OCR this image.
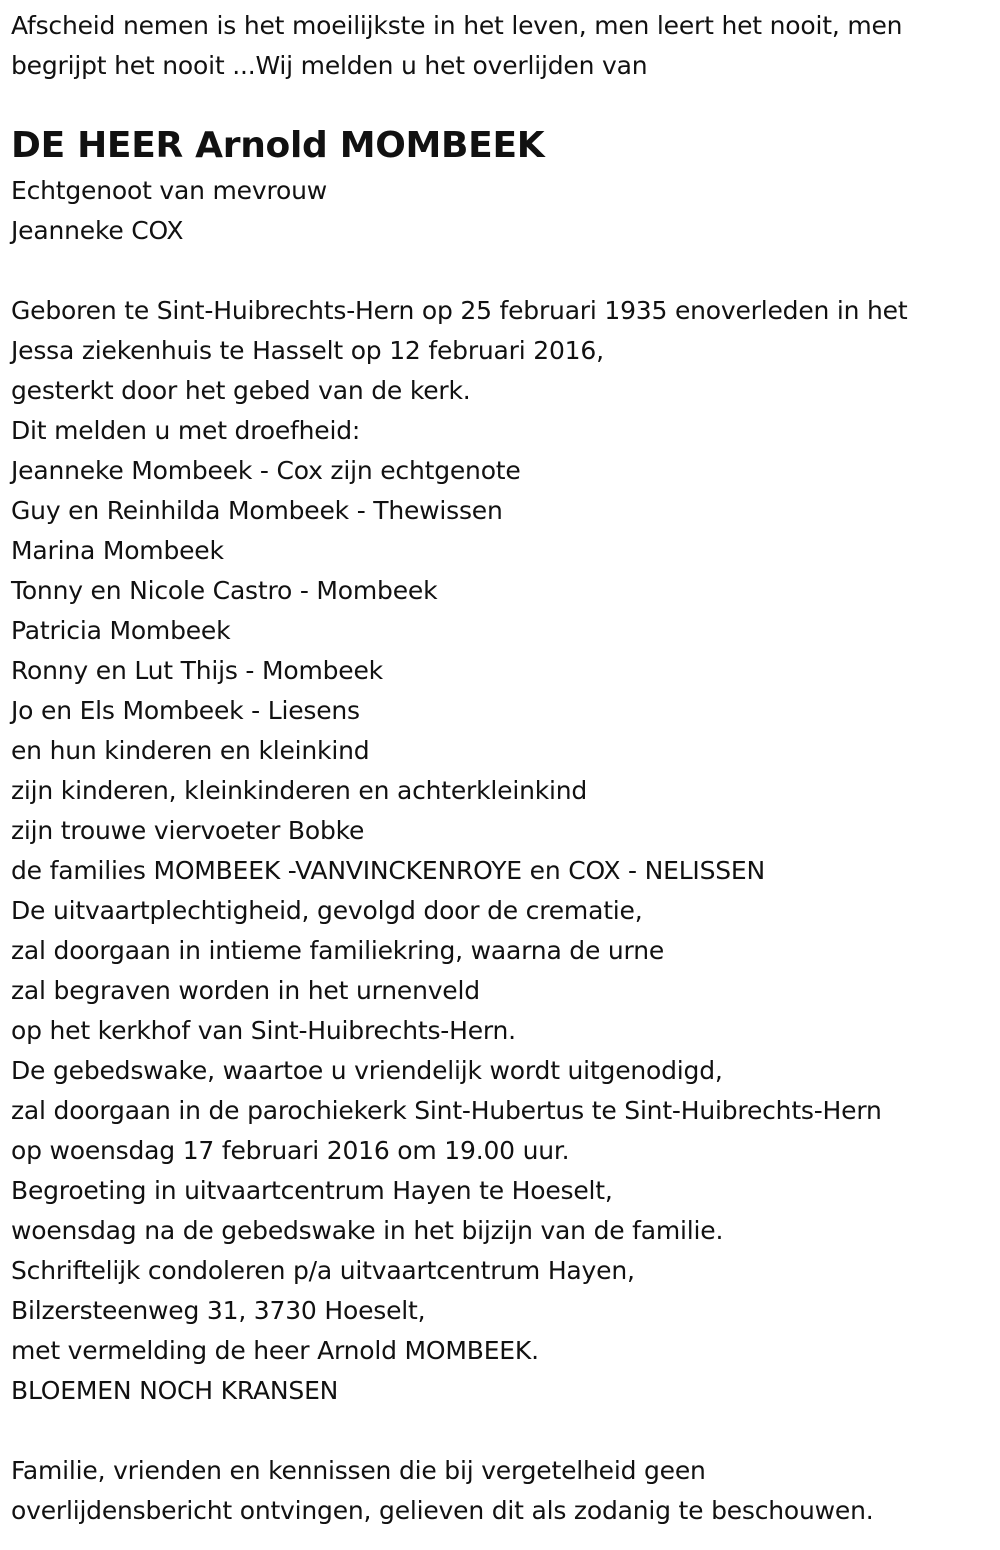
Afscheid nemen is het moeilijkste in het leven, men leert het nooit, men
begrijpt het nooit ...Wij melden u het overlijden van
DE HEER Arnold MOMBEEK
Echtgenoot van mevrouw
Jeanneke COX
Geboren te Sint-Huibrechts-Hern op 25 februari 1935 enoverleden in het
Jessa ziekenhuis te Hasselt op 12 februari 2016,
gesterkt door het gebed van de kerk.
Dit melden u met droefheid:
Jeanneke Mombeek - Cox zijn echtgenote
Guy en Reinhilda Mombeek - Thewissen
Marina Mombeek
Tonny en Nicole Castro - Mombeek
Patricia Mombeek
Ronny en Lut Thijs - Mombeek
Jo en Els Mombeek - Liesens
en hun kinderen en kleinkind
zijn kinderen, kleinkinderen en achterkleinkind
zijn trouwe viervoeter Bobke
de families MOMBEEK -VANVINCKENROYE en COX - NELISSEN
De uitvaartplechtigheid, gevolgd door de crematie,
zal doorgaan in intieme familiekring, waarna de urne
zal begraven worden in het urnenveld
op het kerkhof van Sint-Huibrechts-Hern.
De gebedswake, waartoe u vriendelijk wordt uitgenodigd,
zal doorgaan in de parochiekerk Sint-Hubertus te Sint-Huibrechts-Hern
op woensdag 17 februari 2016 om 19.00 uur.
Begroeting in uitvaartcentrum Hayen te Hoeselt,
woensdag na de gebedswake in het bijzijn van de familie.
Schriftelijk condoleren p/a uitvaartcentrum Hayen,
Bilzersteenweg 31, 3730 Hoeselt,
met vermelding de heer Arnold MOMBEEK.
BLOEMEN NOCH KRANSEN
Familie, vrienden en kennissen die bij vergetelheid geen
overlijdensbericht ontvingen, gelieven dit als zodanig te beschouwen.
